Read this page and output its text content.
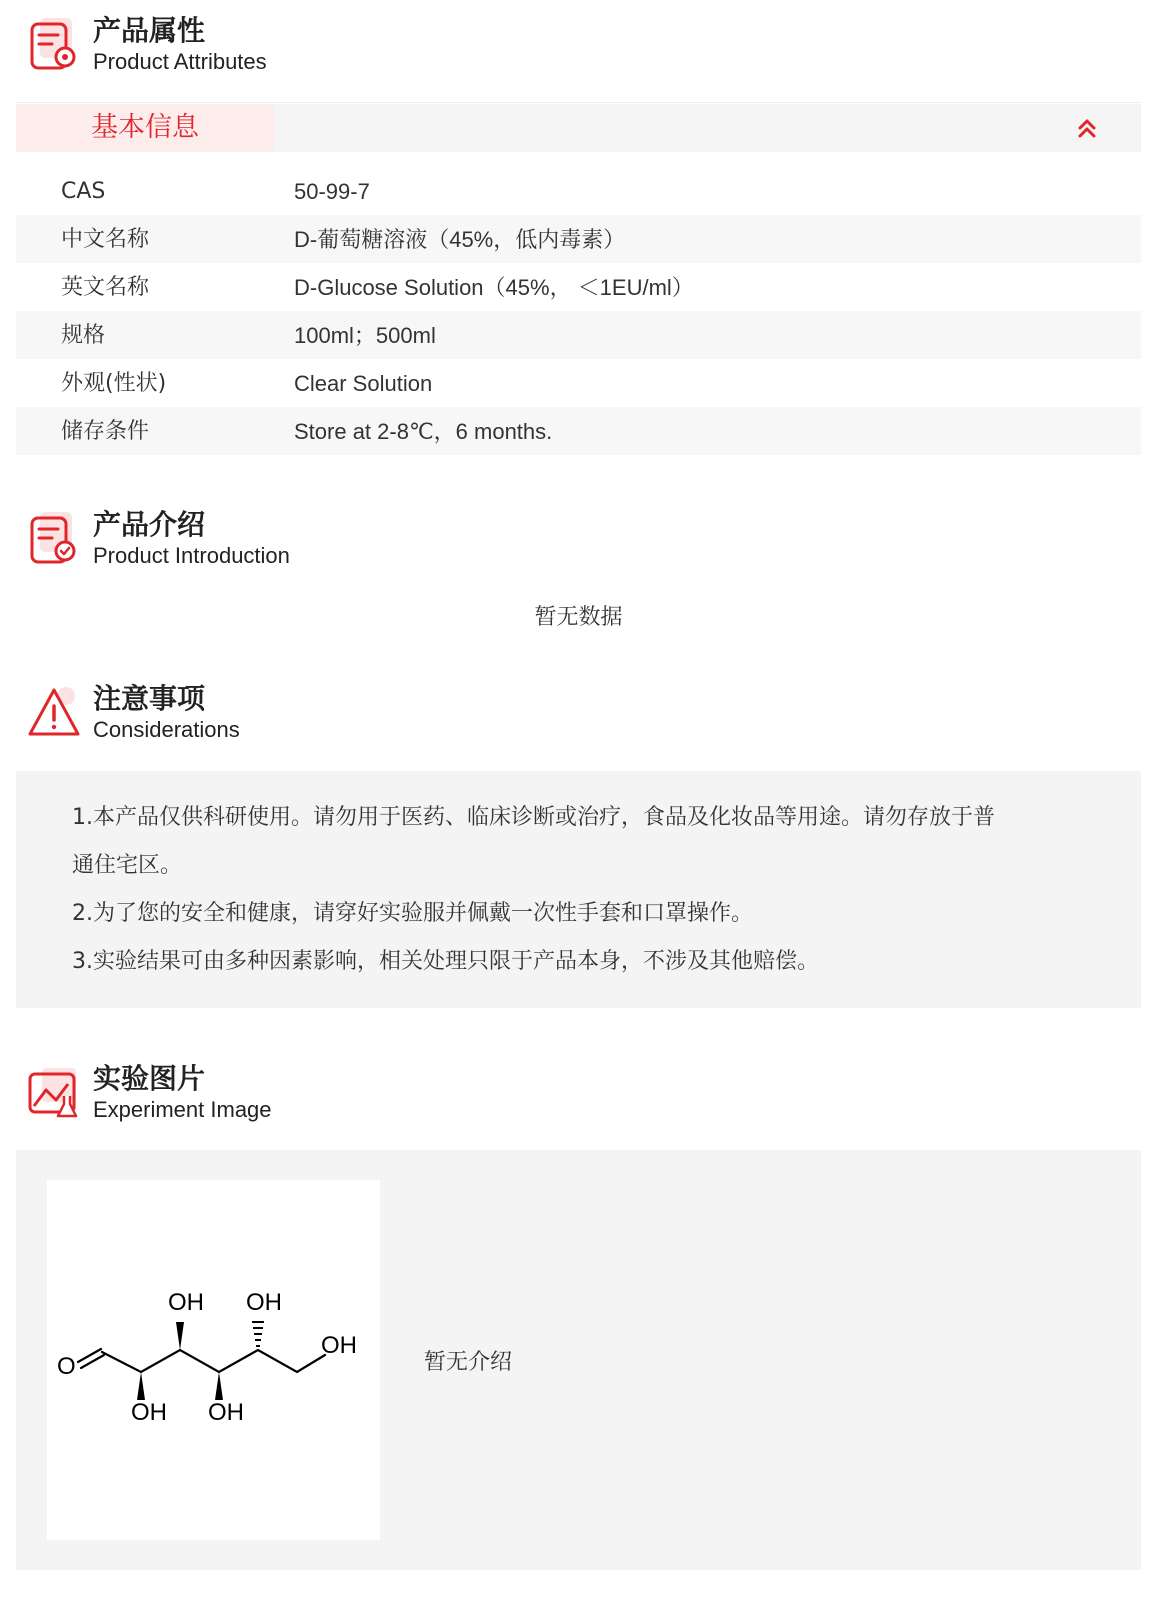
产品属性
Product Attributes
基本信息
CAS	50-99-7
中文名称	D-葡萄糖溶液（45%，低内毒素）
英文名称	D-Glucose Solution（45%， ＜1EU/ml）
规格	100ml；500ml
外观(性状)	Clear Solution
储存条件	Store at 2-8℃，6 months.
产品介绍
Product Introduction
暂无数据
注意事项
Considerations

1.本产品仅供科研使用。请勿用于医药、临床诊断或治疗，食品及化妆品等用途。请勿存放于普

通住宅区。

2.为了您的安全和健康，请穿好实验服并佩戴一次性手套和口罩操作。

3.实验结果可由多种因素影响，相关处理只限于产品本身，不涉及其他赔偿。

实验图片
Experiment Image
O
OH OH
OH
OH OH
暂无介绍
